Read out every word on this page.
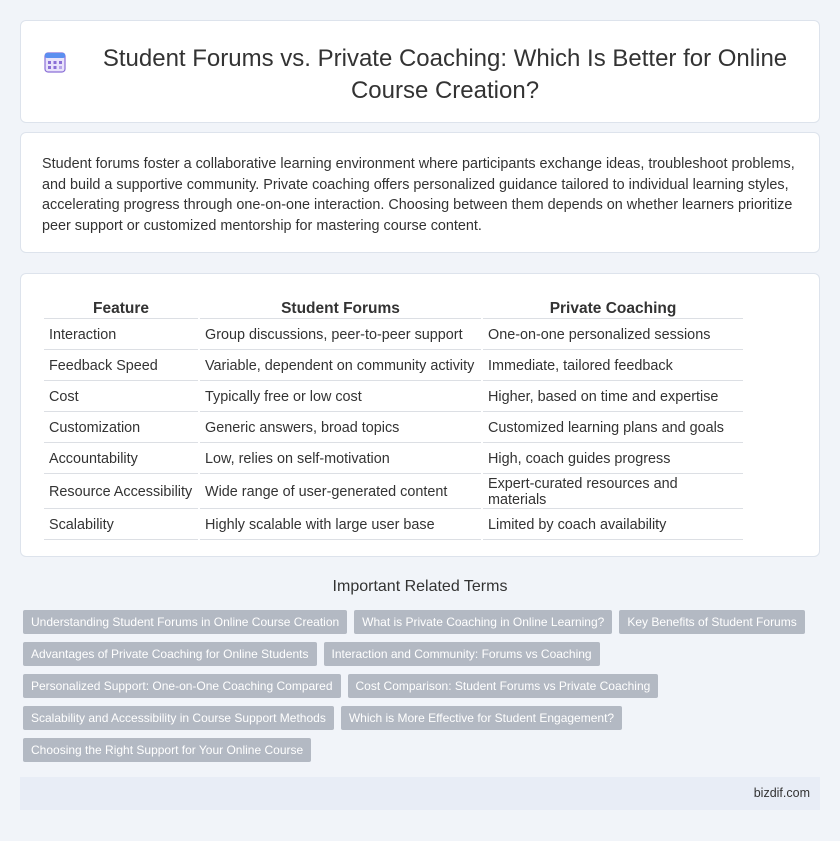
Student Forums vs. Private Coaching: Which Is Better for Online Course Creation?

Student forums foster a collaborative learning environment where participants exchange ideas, troubleshoot problems, and build a supportive community. Private coaching offers personalized guidance tailored to individual learning styles, accelerating progress through one-on-one interaction. Choosing between them depends on whether learners prioritize peer support or customized mentorship for mastering course content.

Feature	Student Forums	Private Coaching
Interaction	Group discussions, peer-to-peer support	One-on-one personalized sessions
Feedback Speed	Variable, dependent on community activity	Immediate, tailored feedback
Cost	Typically free or low cost	Higher, based on time and expertise
Customization	Generic answers, broad topics	Customized learning plans and goals
Accountability	Low, relies on self-motivation	High, coach guides progress
Resource Accessibility	Wide range of user-generated content	Expert-curated resources and materials
Scalability	Highly scalable with large user base	Limited by coach availability
Important Related Terms
Understanding Student Forums in Online Course Creation	What is Private Coaching in Online Learning?	Key Benefits of Student Forums
Advantages of Private Coaching for Online Students	Interaction and Community: Forums vs Coaching
Personalized Support: One-on-One Coaching Compared	Cost Comparison: Student Forums vs Private Coaching
Scalability and Accessibility in Course Support Methods	Which is More Effective for Student Engagement?
Choosing the Right Support for Your Online Course
bizdif.com
